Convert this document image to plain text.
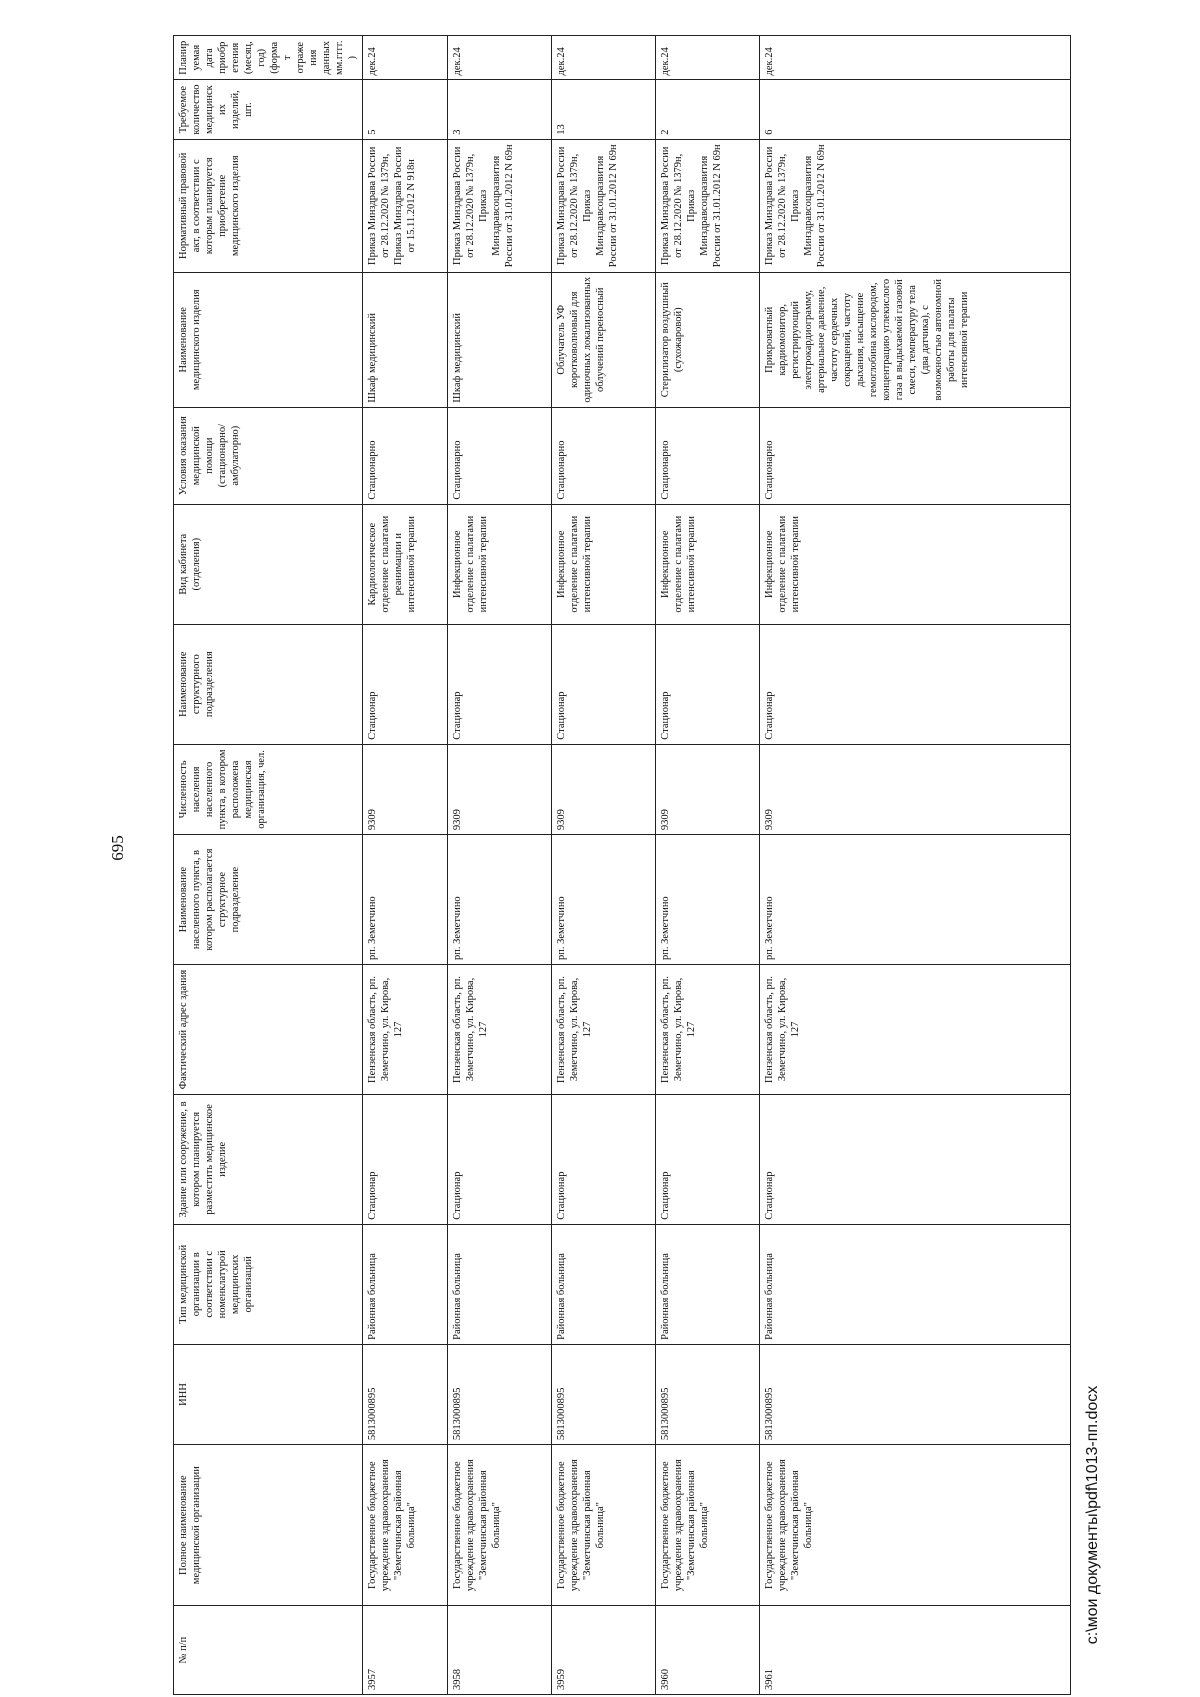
695
№ п/п	Полное наименование медицинской организации	ИНН	Тип медицинской организации в соответствии с номенклатурой медицинских организаций	Здание или сооружение, в котором планируется разместить медицинское изделие	Фактический адрес здания	Наименование населенного пункта, в котором располагается структурное подразделение	Численность населения населенного пункта, в котором расположена медицинская организация, чел.	Наименование структурного подразделения	Вид кабинета (отделения)	Условия оказания медицинской помощи (стационарно/ амбулаторно)	Наименование медицинского изделия	Нормативный правовой акт, в соответствии с которым планируется приобретение медицинского изделия	Требуемое количество медицинских изделий, шт.	Планируемая дата приобретения (месяц, год) (формат отражения данных мм.гггг.)
3957	Государственное бюджетное учреждение здравоохранения "Земетчинская районная больница"	5813000895	Районная больница	Стационар	Пензенская область, рп. Земетчино, ул. Кирова, 127	рп. Земетчино	9309	Стационар	Кардиологическое отделение с палатами реанимации и интенсивной терапии	Стационарно	Шкаф медицинский	Приказ Минздрава России от 28.12.2020 № 1379н, Приказ Минздрава России от 15.11.2012 N 918н	5	дек.24
3958	Государственное бюджетное учреждение здравоохранения "Земетчинская районная больница"	5813000895	Районная больница	Стационар	Пензенская область, рп. Земетчино, ул. Кирова, 127	рп. Земетчино	9309	Стационар	Инфекционное отделение с палатами интенсивной терапии	Стационарно	Шкаф медицинский	Приказ Минздрава России от 28.12.2020 № 1379н, Приказ Минздравсоцразвития России от 31.01.2012 N 69н	3	дек.24
3959	Государственное бюджетное учреждение здравоохранения "Земетчинская районная больница"	5813000895	Районная больница	Стационар	Пензенская область, рп. Земетчино, ул. Кирова, 127	рп. Земетчино	9309	Стационар	Инфекционное отделение с палатами интенсивной терапии	Стационарно	Облучатель УФ коротковолновый для одиночных локализованных облучений переносный	Приказ Минздрава России от 28.12.2020 № 1379н, Приказ Минздравсоцразвития России от 31.01.2012 N 69н	13	дек.24
3960	Государственное бюджетное учреждение здравоохранения "Земетчинская районная больница"	5813000895	Районная больница	Стационар	Пензенская область, рп. Земетчино, ул. Кирова, 127	рп. Земетчино	9309	Стационар	Инфекционное отделение с палатами интенсивной терапии	Стационарно	Стерилизатор воздушный (сухожаровой)	Приказ Минздрава России от 28.12.2020 № 1379н, Приказ Минздравсоцразвития России от 31.01.2012 N 69н	2	дек.24
3961	Государственное бюджетное учреждение здравоохранения "Земетчинская районная больница"	5813000895	Районная больница	Стационар	Пензенская область, рп. Земетчино, ул. Кирова, 127	рп. Земетчино	9309	Стационар	Инфекционное отделение с палатами интенсивной терапии	Стационарно	Прикроватный кардиомонитор, регистрирующий электрокардиограмму, артериальное давление, частоту сердечных сокращений, частоту дыхания, насыщение гемоглобина кислородом, концентрацию углекислого газа в выдыхаемой газовой смеси, температуру тела (два датчика), с возможностью автономной работы для палаты интенсивной терапии	Приказ Минздрава России от 28.12.2020 № 1379н, Приказ Минздравсоцразвития России от 31.01.2012 N 69н	6	дек.24
c:\мои документы\pdf\1013-пп.docx
